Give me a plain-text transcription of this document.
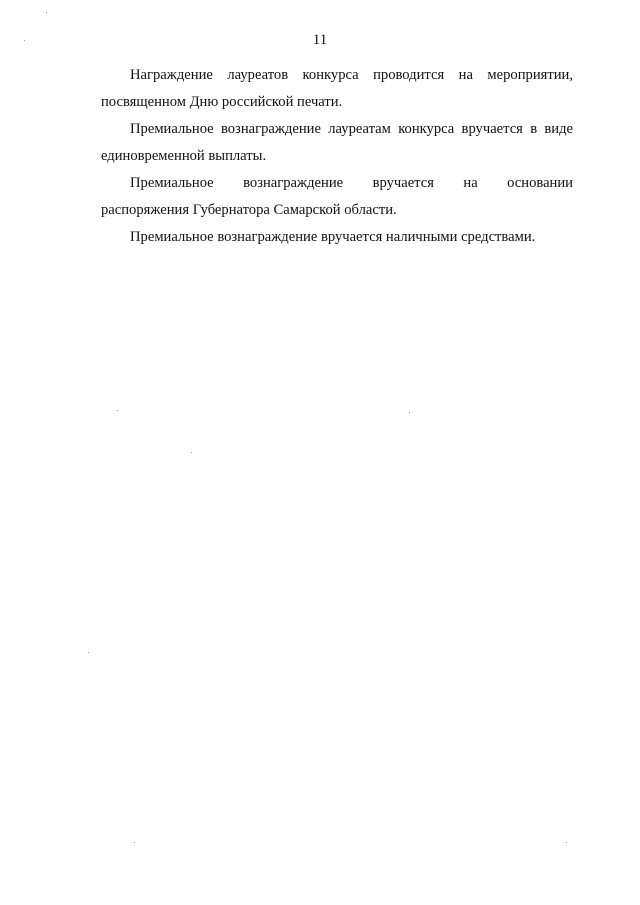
11

Награждение лауреатов конкурса проводится на мероприятии,
посвященном Дню российской печати.

Премиальное вознаграждение лауреатам конкурса вручается в виде
единовременной выплаты.

Премиальное вознаграждение вручается на основании
распоряжения Губернатора Самарской области.

Премиальное вознаграждение вручается наличными средствами.
